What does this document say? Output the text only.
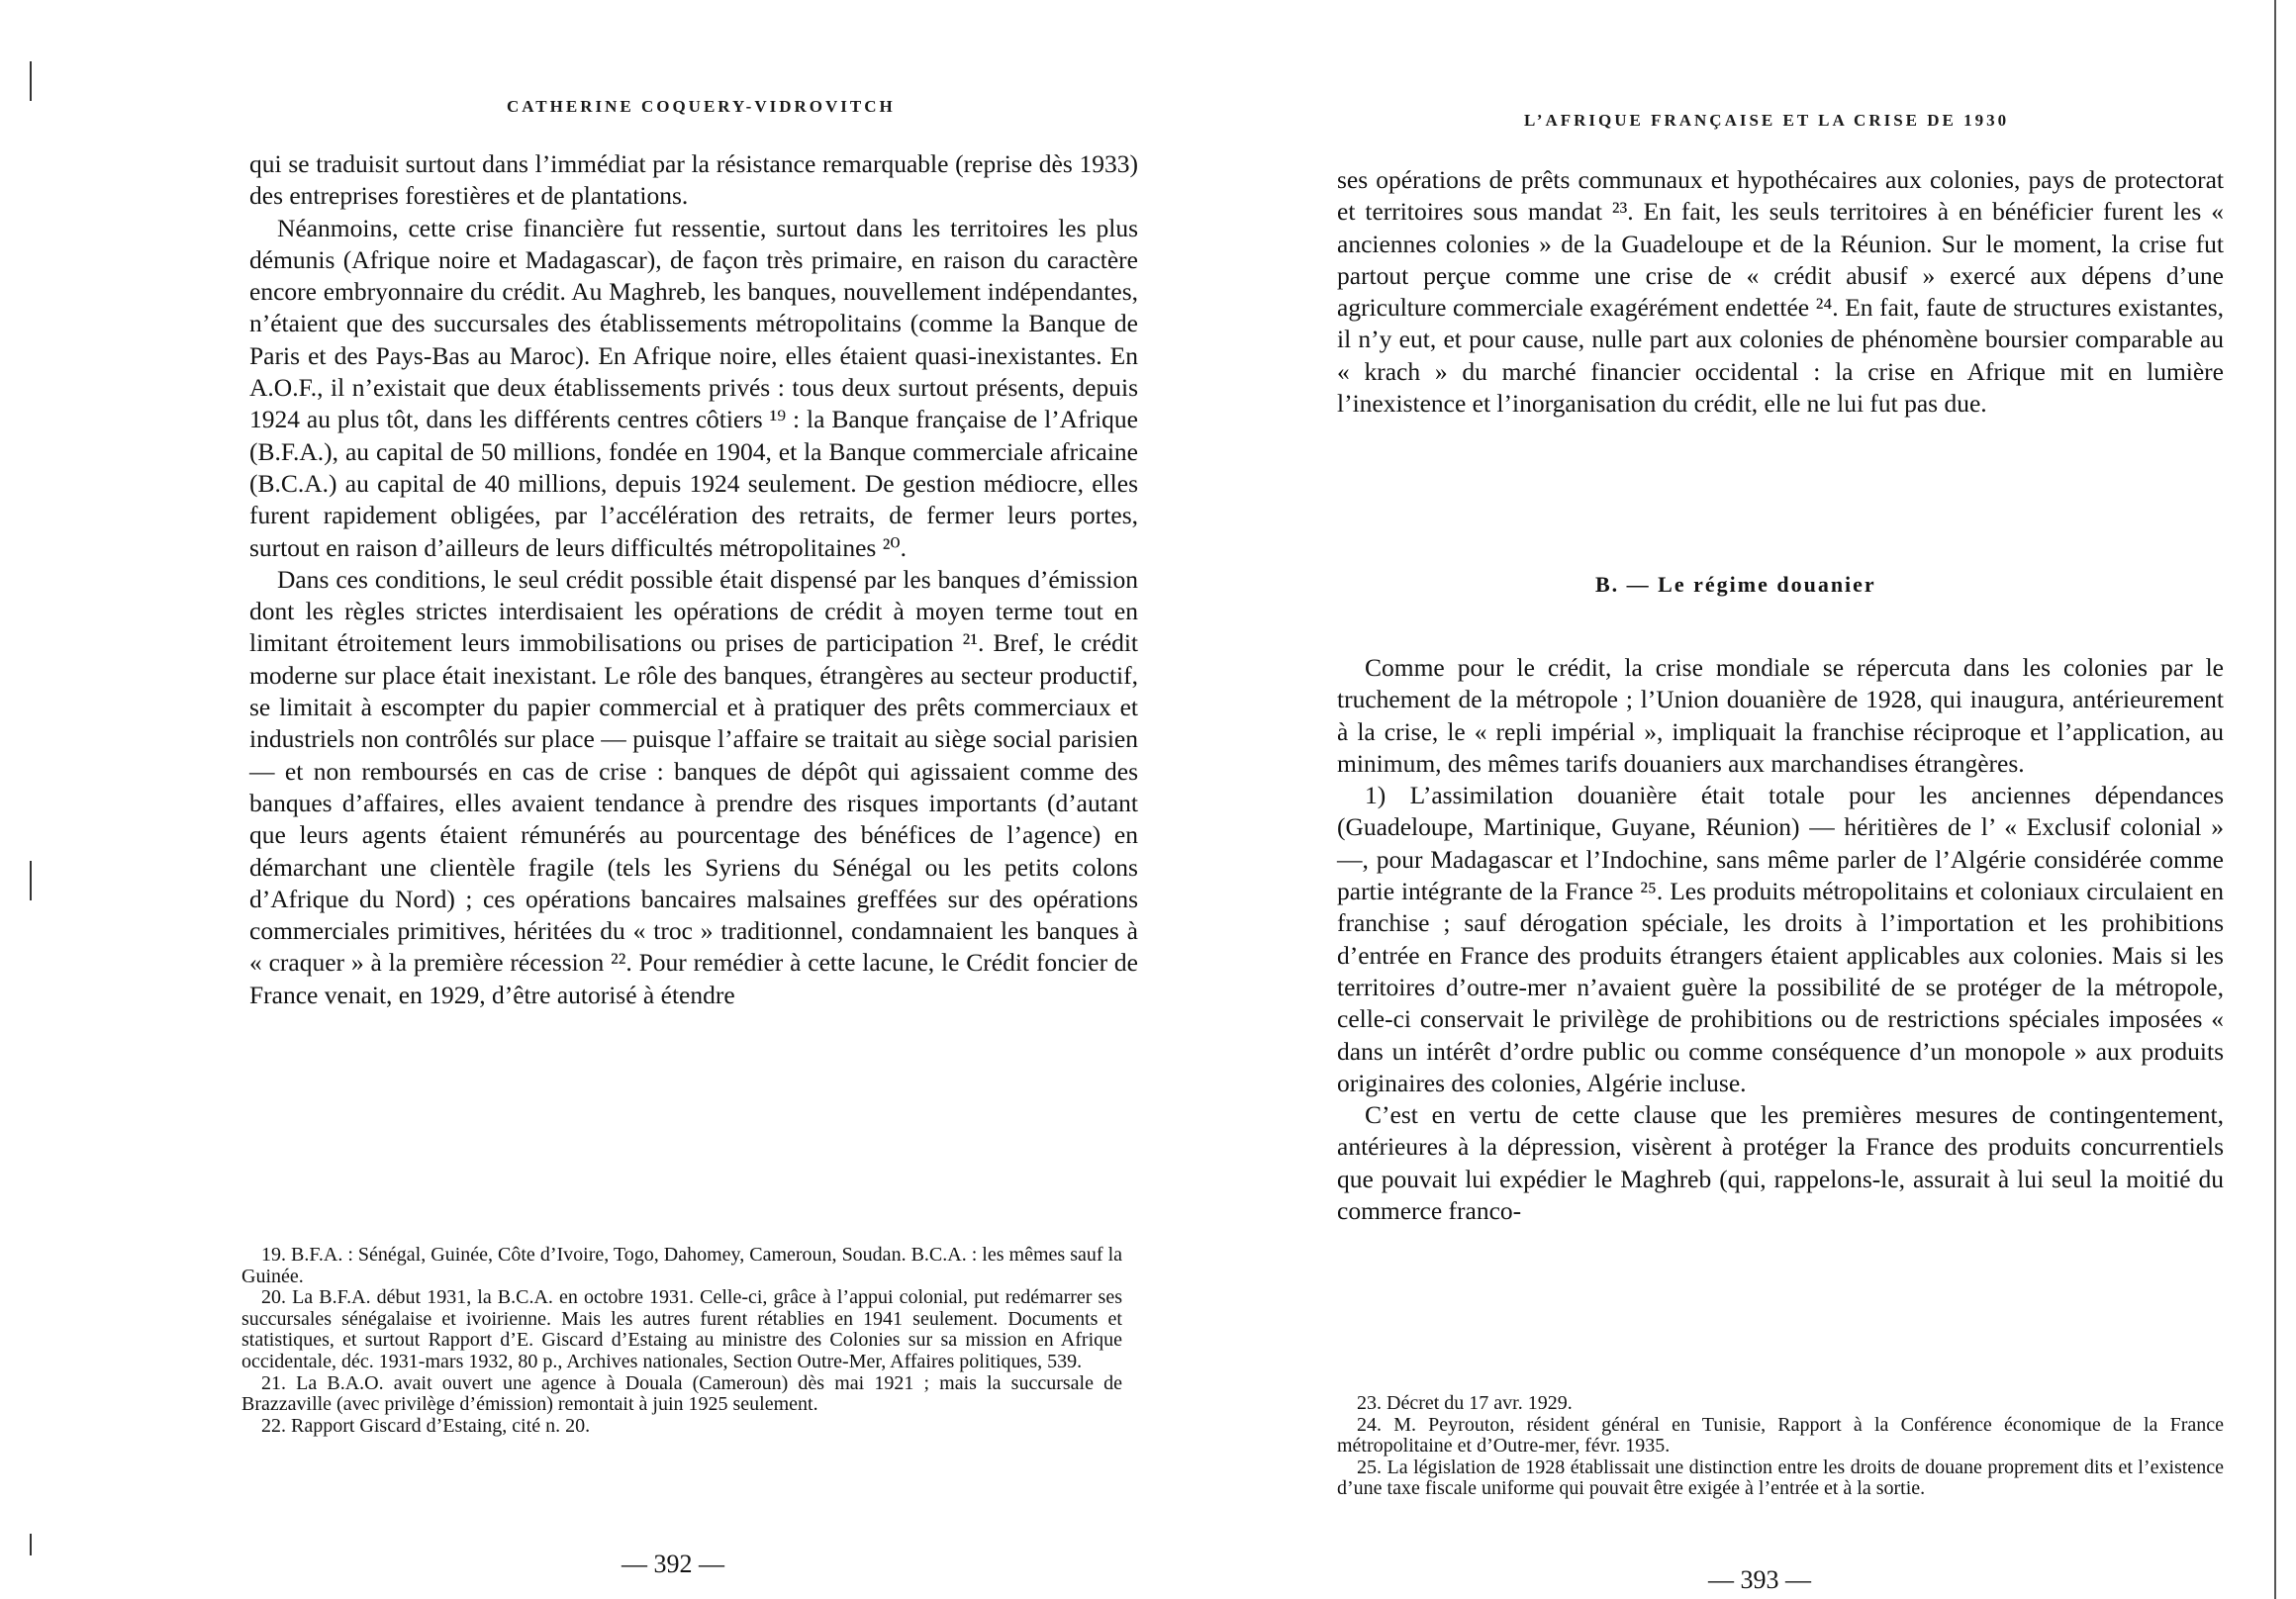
CATHERINE COQUERY-VIDROVITCH

qui se traduisit surtout dans l’immédiat par la résistance remarquable (reprise dès 1933) des entreprises forestières et de plantations.

Néanmoins, cette crise financière fut ressentie, surtout dans les territoires les plus démunis (Afrique noire et Madagascar), de façon très primaire, en raison du caractère encore embryonnaire du crédit. Au Maghreb, les banques, nouvellement indépendantes, n’étaient que des succursales des établissements métropolitains (comme la Banque de Paris et des Pays-Bas au Maroc). En Afrique noire, elles étaient quasi-inexistantes. En A.O.F., il n’existait que deux établissements privés : tous deux surtout présents, depuis 1924 au plus tôt, dans les différents centres côtiers ¹⁹ : la Banque française de l’Afrique (B.F.A.), au capital de 50 millions, fondée en 1904, et la Banque commerciale africaine (B.C.A.) au capital de 40 millions, depuis 1924 seulement. De gestion médiocre, elles furent rapidement obligées, par l’accélération des retraits, de fermer leurs portes, surtout en raison d’ailleurs de leurs difficultés métropolitaines ²⁰.

Dans ces conditions, le seul crédit possible était dispensé par les banques d’émission dont les règles strictes interdisaient les opérations de crédit à moyen terme tout en limitant étroitement leurs immobilisations ou prises de participation ²¹. Bref, le crédit moderne sur place était inexistant. Le rôle des banques, étrangères au secteur productif, se limitait à escompter du papier commercial et à pratiquer des prêts commerciaux et industriels non contrôlés sur place — puisque l’affaire se traitait au siège social parisien — et non remboursés en cas de crise : banques de dépôt qui agissaient comme des banques d’affaires, elles avaient tendance à prendre des risques importants (d’autant que leurs agents étaient rémunérés au pourcentage des bénéfices de l’agence) en démarchant une clientèle fragile (tels les Syriens du Sénégal ou les petits colons d’Afrique du Nord) ; ces opérations bancaires malsaines greffées sur des opérations commerciales primitives, héritées du « troc » traditionnel, condamnaient les banques à « craquer » à la première récession ²². Pour remédier à cette lacune, le Crédit foncier de France venait, en 1929, d’être autorisé à étendre

19. B.F.A. : Sénégal, Guinée, Côte d’Ivoire, Togo, Dahomey, Cameroun, Soudan. B.C.A. : les mêmes sauf la Guinée.

20. La B.F.A. début 1931, la B.C.A. en octobre 1931. Celle-ci, grâce à l’appui colonial, put redémarrer ses succursales sénégalaise et ivoirienne. Mais les autres furent rétablies en 1941 seulement. Documents et statistiques, et surtout Rapport d’E. Giscard d’Estaing au ministre des Colonies sur sa mission en Afrique occidentale, déc. 1931-mars 1932, 80 p., Archives nationales, Section Outre-Mer, Affaires politiques, 539.

21. La B.A.O. avait ouvert une agence à Douala (Cameroun) dès mai 1921 ; mais la succursale de Brazzaville (avec privilège d’émission) remontait à juin 1925 seulement.

22. Rapport Giscard d’Estaing, cité n. 20.

— 392 —
L’AFRIQUE FRANÇAISE ET LA CRISE DE 1930

ses opérations de prêts communaux et hypothécaires aux colonies, pays de protectorat et territoires sous mandat ²³. En fait, les seuls territoires à en bénéficier furent les « anciennes colonies » de la Guadeloupe et de la Réunion. Sur le moment, la crise fut partout perçue comme une crise de « crédit abusif » exercé aux dépens d’une agriculture commerciale exagérément endettée ²⁴. En fait, faute de structures existantes, il n’y eut, et pour cause, nulle part aux colonies de phénomène boursier comparable au « krach » du marché financier occidental : la crise en Afrique mit en lumière l’inexistence et l’inorganisation du crédit, elle ne lui fut pas due.

B. — Le régime douanier

Comme pour le crédit, la crise mondiale se répercuta dans les colonies par le truchement de la métropole ; l’Union douanière de 1928, qui inaugura, antérieurement à la crise, le « repli impérial », impliquait la franchise réciproque et l’application, au minimum, des mêmes tarifs douaniers aux marchandises étrangères.

1) L’assimilation douanière était totale pour les anciennes dépendances (Guadeloupe, Martinique, Guyane, Réunion) — héritières de l’ « Exclusif colonial » —, pour Madagascar et l’Indochine, sans même parler de l’Algérie considérée comme partie intégrante de la France ²⁵. Les produits métropolitains et coloniaux circulaient en franchise ; sauf dérogation spéciale, les droits à l’importation et les prohibitions d’entrée en France des produits étrangers étaient applicables aux colonies. Mais si les territoires d’outre-mer n’avaient guère la possibilité de se protéger de la métropole, celle-ci conservait le privilège de prohibitions ou de restrictions spéciales imposées « dans un intérêt d’ordre public ou comme conséquence d’un monopole » aux produits originaires des colonies, Algérie incluse.

C’est en vertu de cette clause que les premières mesures de contingentement, antérieures à la dépression, visèrent à protéger la France des produits concurrentiels que pouvait lui expédier le Maghreb (qui, rappelons-le, assurait à lui seul la moitié du commerce franco-

23. Décret du 17 avr. 1929.

24. M. Peyrouton, résident général en Tunisie, Rapport à la Conférence économique de la France métropolitaine et d’Outre-mer, févr. 1935.

25. La législation de 1928 établissait une distinction entre les droits de douane proprement dits et l’existence d’une taxe fiscale uniforme qui pouvait être exigée à l’entrée et à la sortie.

— 393 —
